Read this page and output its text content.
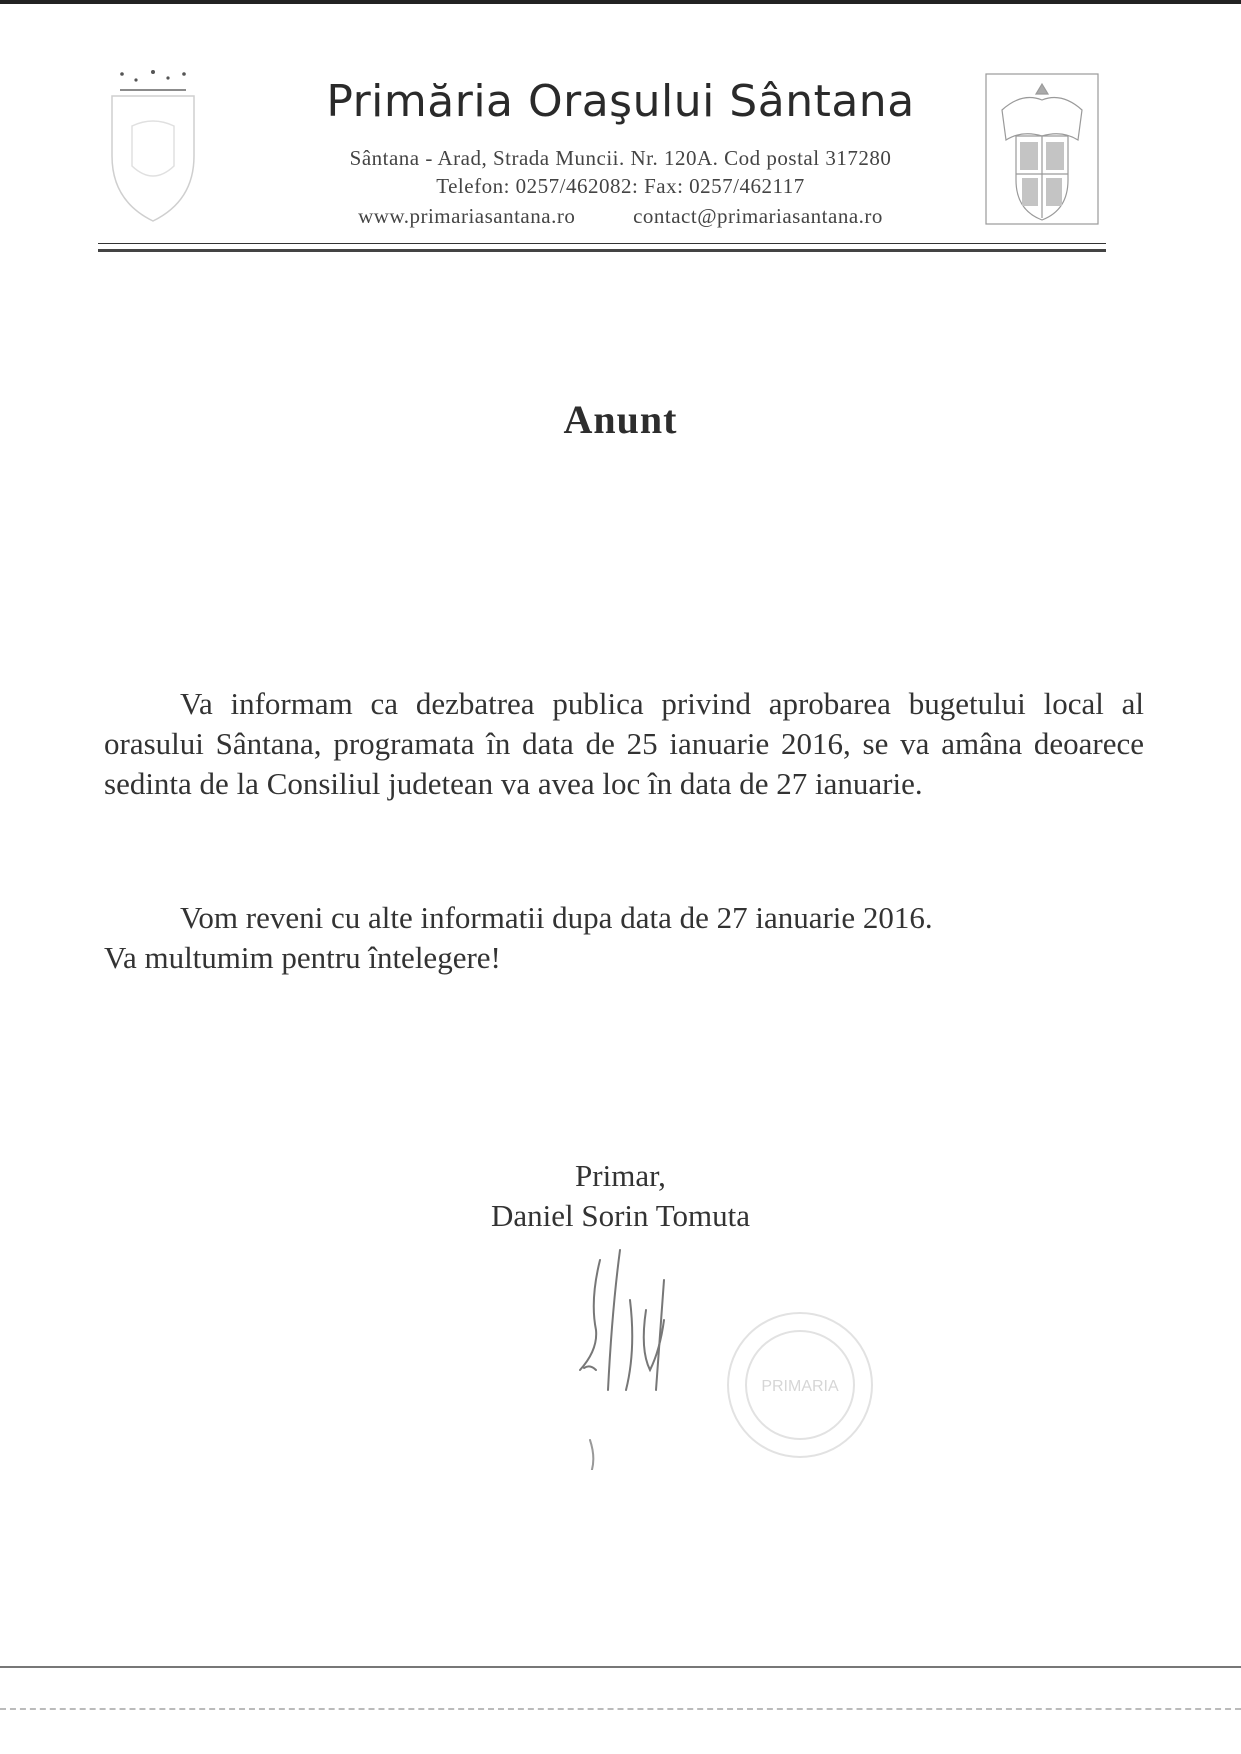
Primăria Oraşului Sântana
Sântana - Arad, Strada Muncii. Nr. 120A. Cod postal 317280
Telefon: 0257/462082: Fax: 0257/462117
www.primariasantana.ro	contact@primariasantana.ro
Anunt
Va informam ca dezbatrea publica privind aprobarea bugetului local al orasului Sântana, programata în data de 25 ianuarie 2016, se va amâna deoarece sedinta de la Consiliul judetean va avea loc în data de 27 ianuarie.
Vom reveni cu alte informatii dupa data de 27 ianuarie 2016.
Va multumim pentru întelegere!
Primar,
Daniel Sorin Tomuta
PRIMARIA
